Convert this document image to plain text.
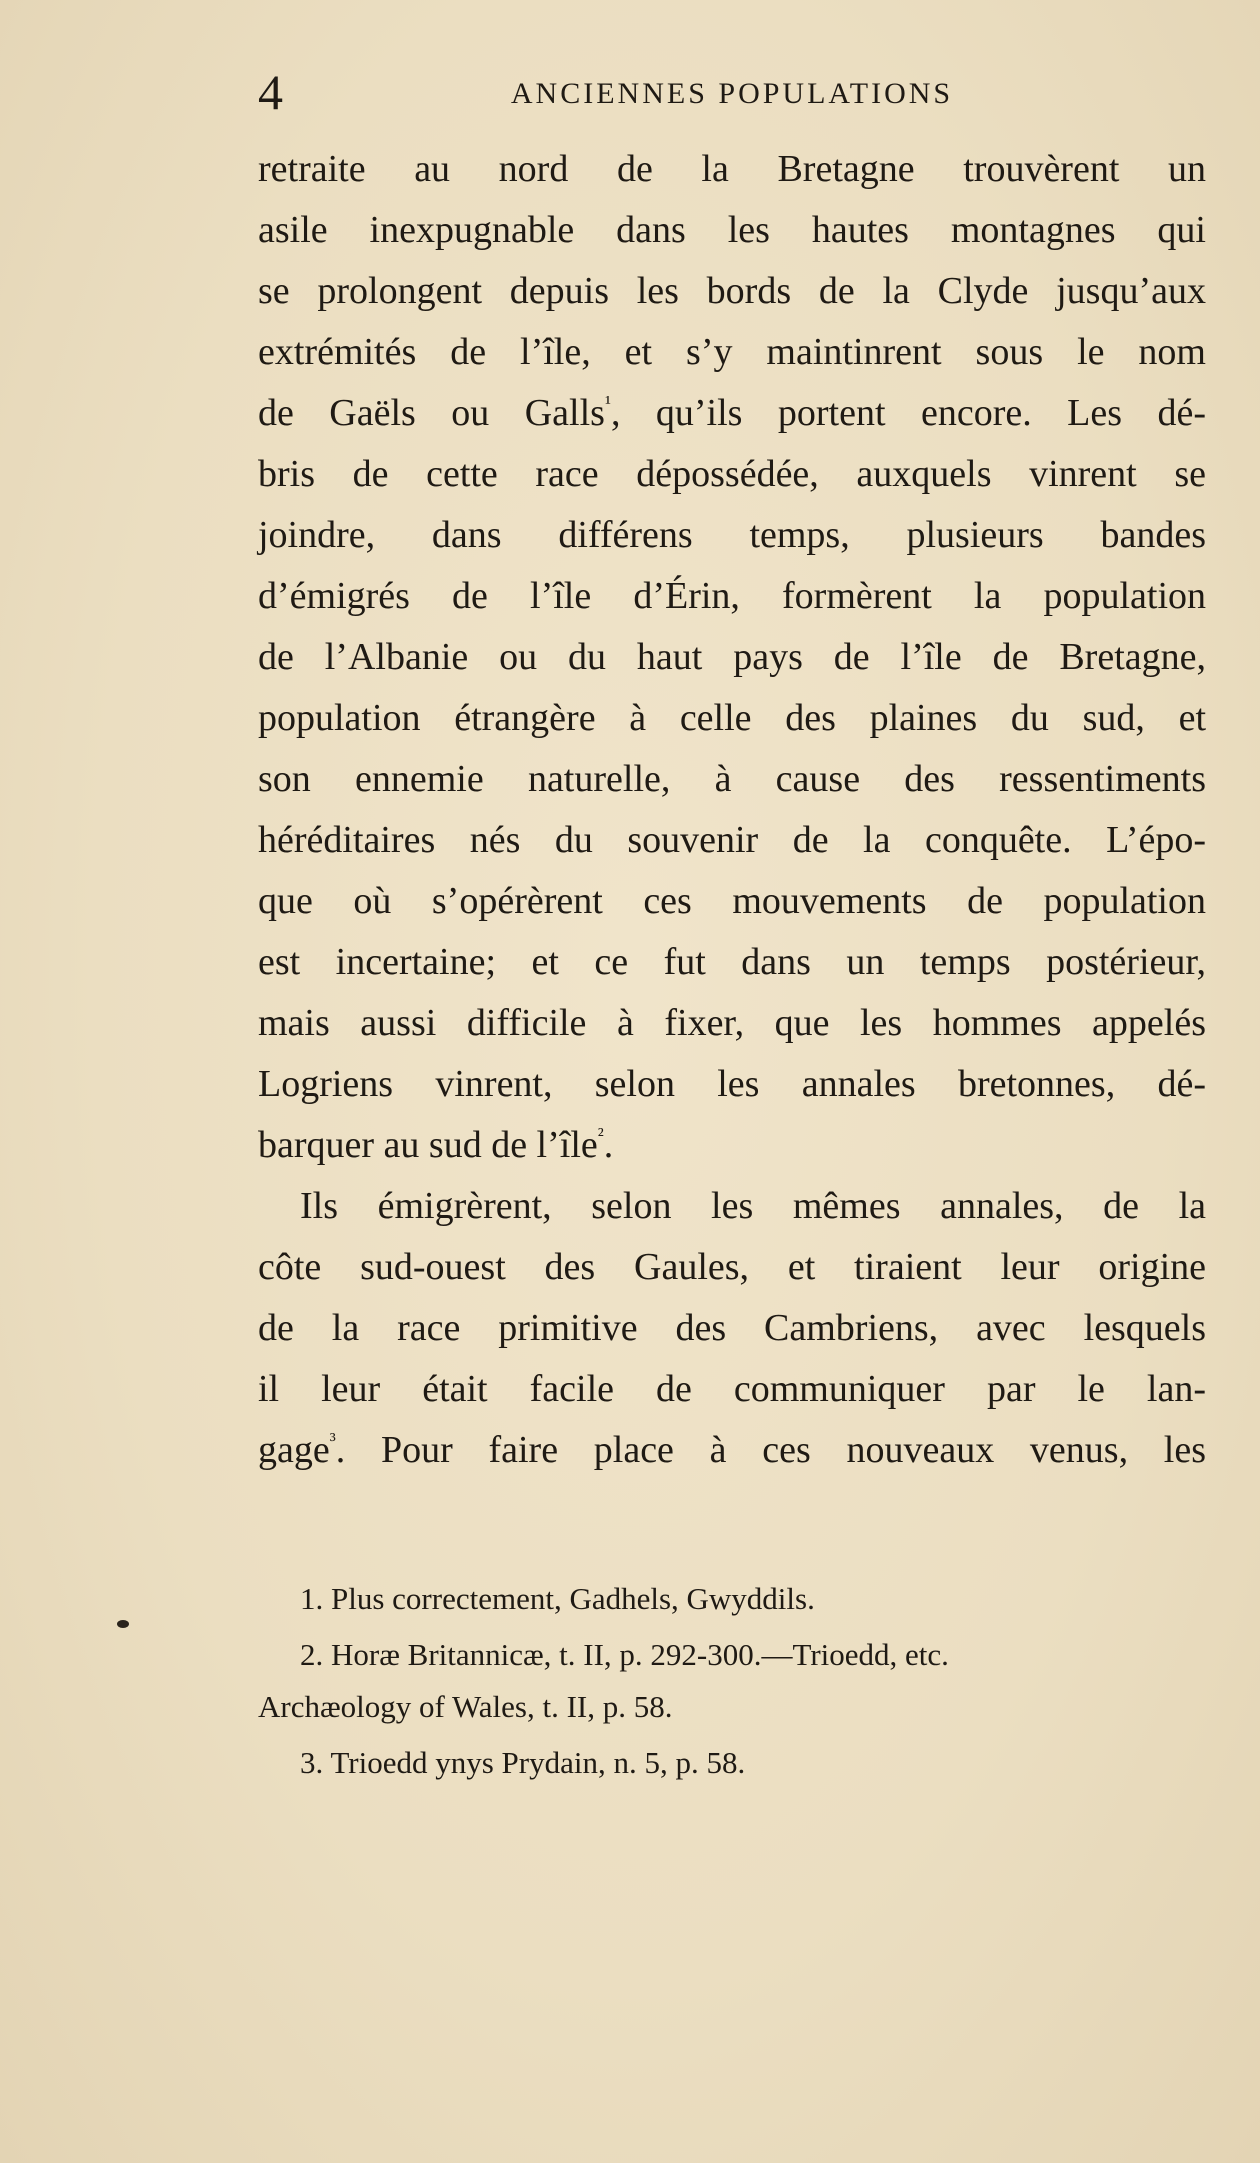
4	ANCIENNES POPULATIONS
retraite au nord de la Bretagne trouvèrent un
asile inexpugnable dans les hautes montagnes qui
se prolongent depuis les bords de la Clyde jusqu’aux
extrémités de l’île, et s’y maintinrent sous le nom
de Gaëls ou Galls$^{^1}$, qu’ils portent encore. Les dé-
bris de cette race dépossédée, auxquels vinrent se
joindre, dans différens temps, plusieurs bandes
d’émigrés de l’île d’Érin, formèrent la population
de l’Albanie ou du haut pays de l’île de Bretagne,
population étrangère à celle des plaines du sud, et
son ennemie naturelle, à cause des ressentiments
héréditaires nés du souvenir de la conquête. L’épo-
que où s’opérèrent ces mouvements de population
est incertaine; et ce fut dans un temps postérieur,
mais aussi difficile à fixer, que les hommes appelés
Logriens vinrent, selon les annales bretonnes, dé-
barquer au sud de l’île$^{^2}$.
Ils émigrèrent, selon les mêmes annales, de la
côte sud-ouest des Gaules, et tiraient leur origine
de la race primitive des Cambriens, avec lesquels
il leur était facile de communiquer par le lan-
gage$^{^3}$. Pour faire place à ces nouveaux venus, les
1. Plus correctement, Gadhels, Gwyddils.
2. Horæ Britannicæ, t. II, p. 292-300.—Trioedd, etc.
Archæology of Wales, t. II, p. 58.
3. Trioedd ynys Prydain, n. 5, p. 58.
